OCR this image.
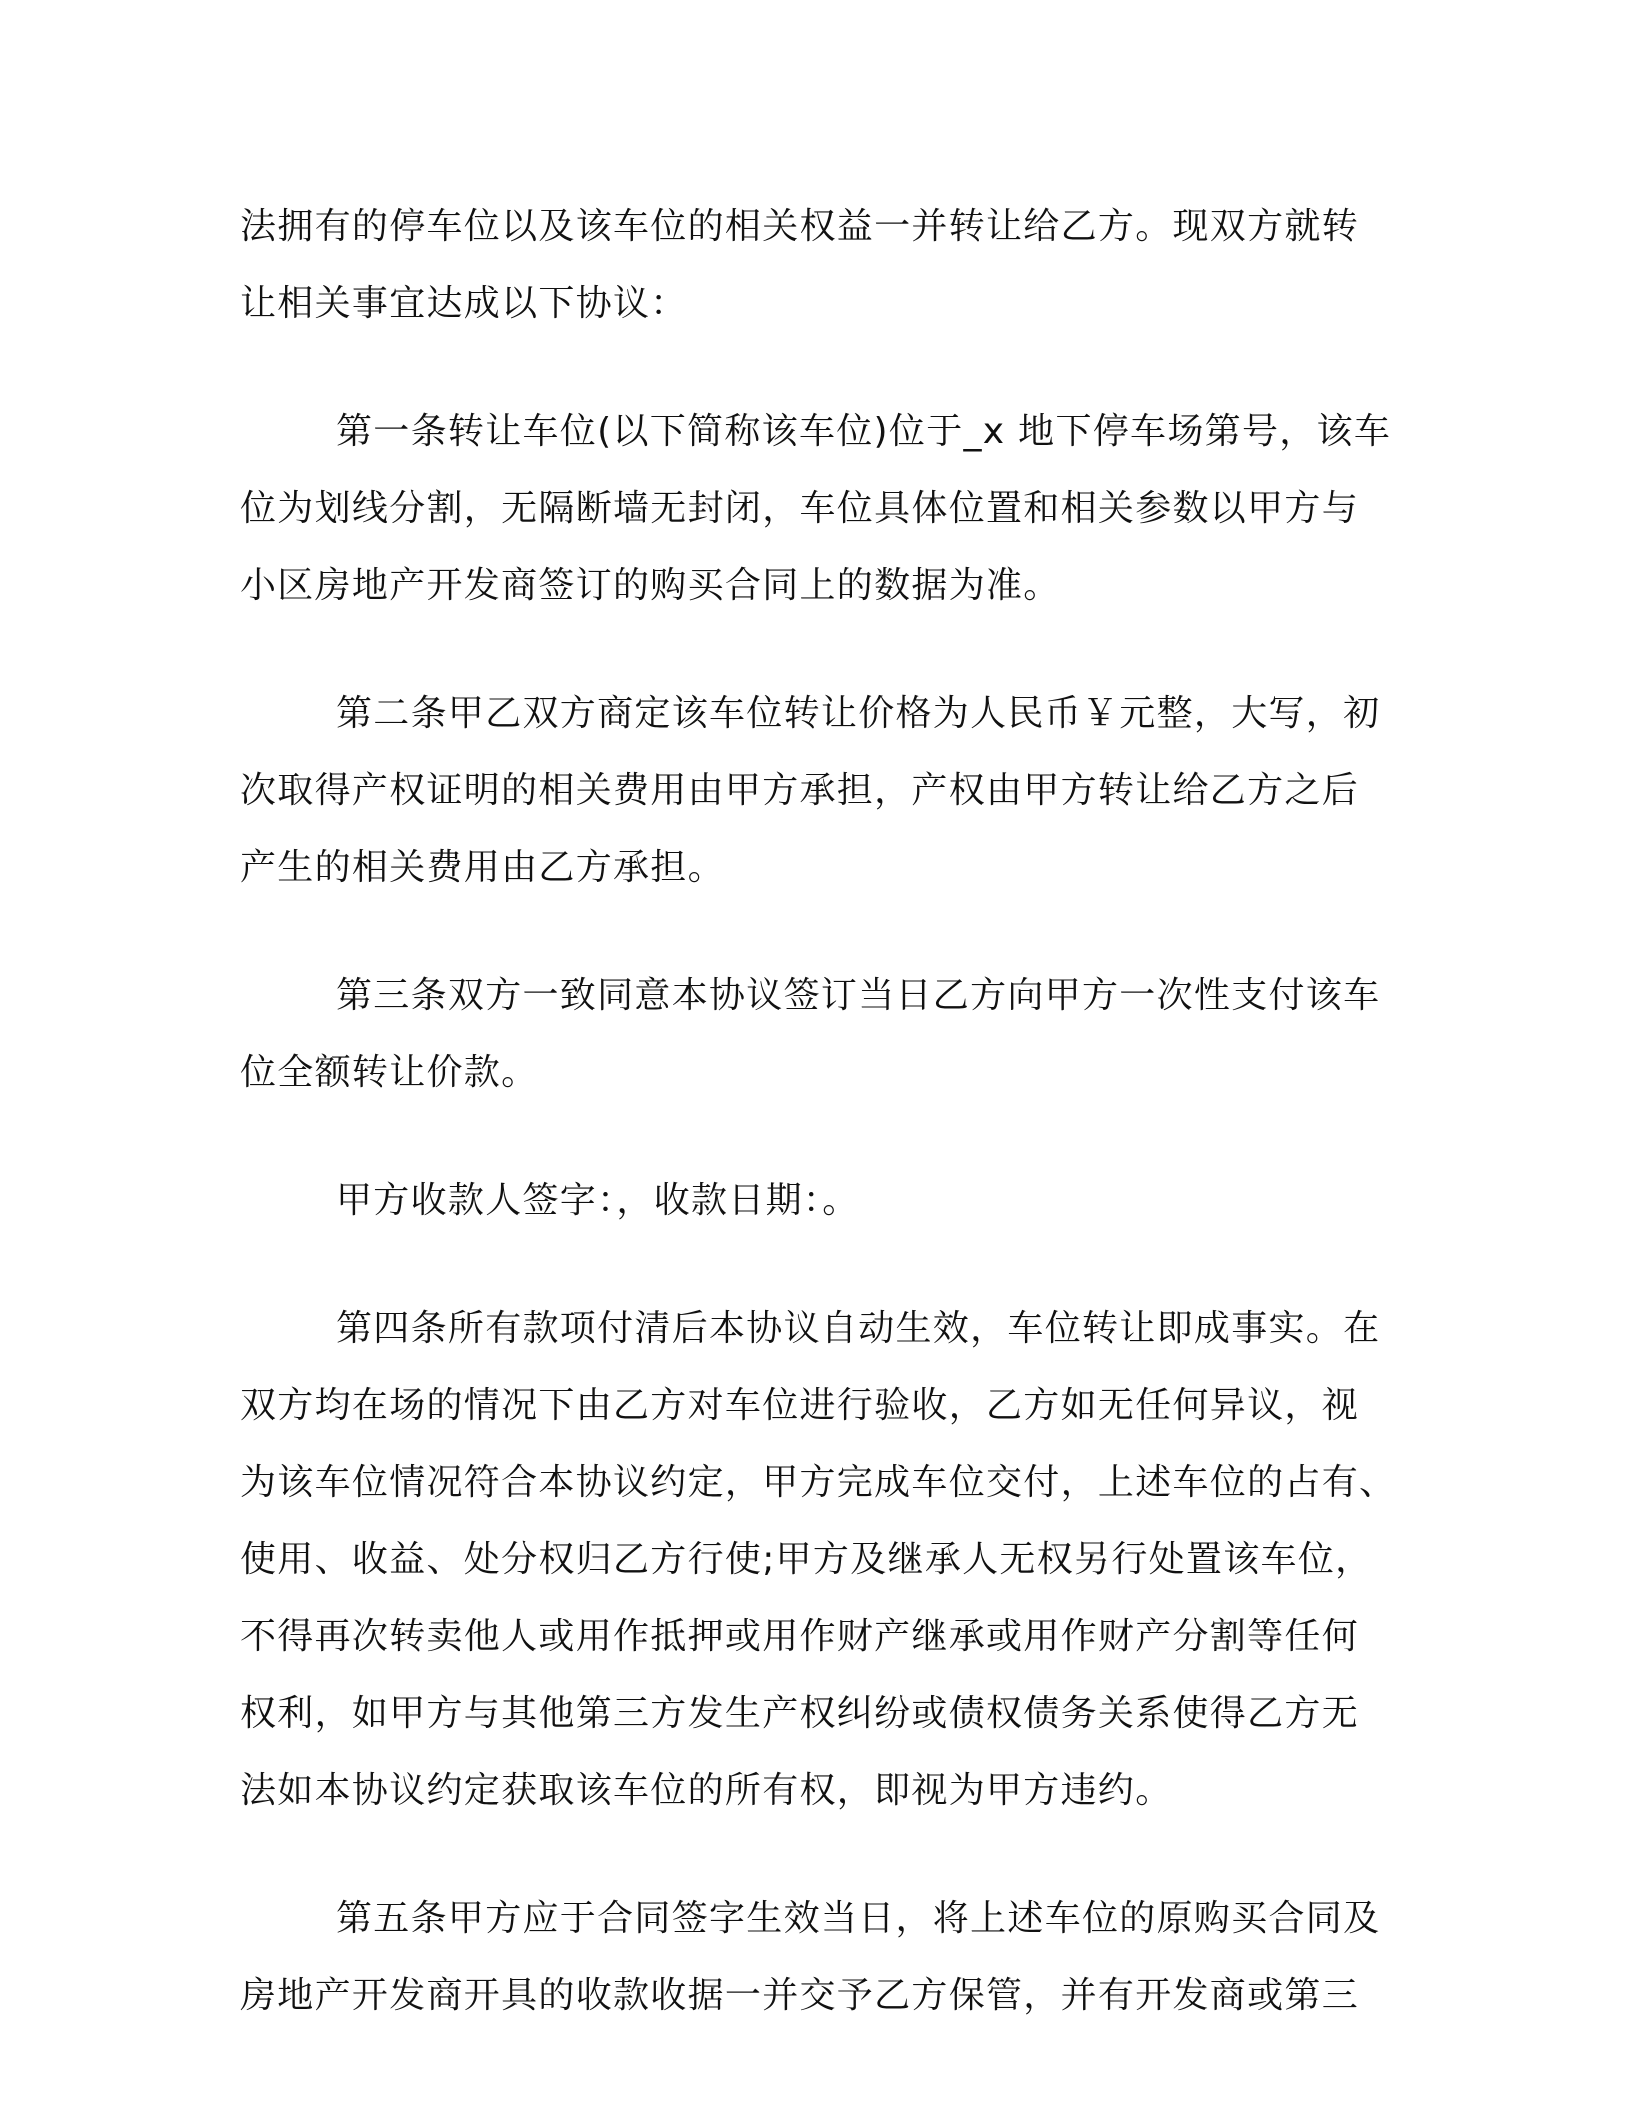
法拥有的停车位以及该车位的相关权益一并转让给乙方。现双方就转
让相关事宜达成以下协议：

第一条转让车位(以下简称该车位)位于_x 地下停车场第号，该车
位为划线分割，无隔断墙无封闭，车位具体位置和相关参数以甲方与
小区房地产开发商签订的购买合同上的数据为准。

第二条甲乙双方商定该车位转让价格为人民币￥元整，大写，初
次取得产权证明的相关费用由甲方承担，产权由甲方转让给乙方之后
产生的相关费用由乙方承担。

第三条双方一致同意本协议签订当日乙方向甲方一次性支付该车
位全额转让价款。

甲方收款人签字：，收款日期：。

第四条所有款项付清后本协议自动生效，车位转让即成事实。在
双方均在场的情况下由乙方对车位进行验收，乙方如无任何异议，视
为该车位情况符合本协议约定，甲方完成车位交付，上述车位的占有、
使用、收益、处分权归乙方行使;甲方及继承人无权另行处置该车位，
不得再次转卖他人或用作抵押或用作财产继承或用作财产分割等任何
权利，如甲方与其他第三方发生产权纠纷或债权债务关系使得乙方无
法如本协议约定获取该车位的所有权，即视为甲方违约。

第五条甲方应于合同签字生效当日，将上述车位的原购买合同及
房地产开发商开具的收款收据一并交予乙方保管，并有开发商或第三
